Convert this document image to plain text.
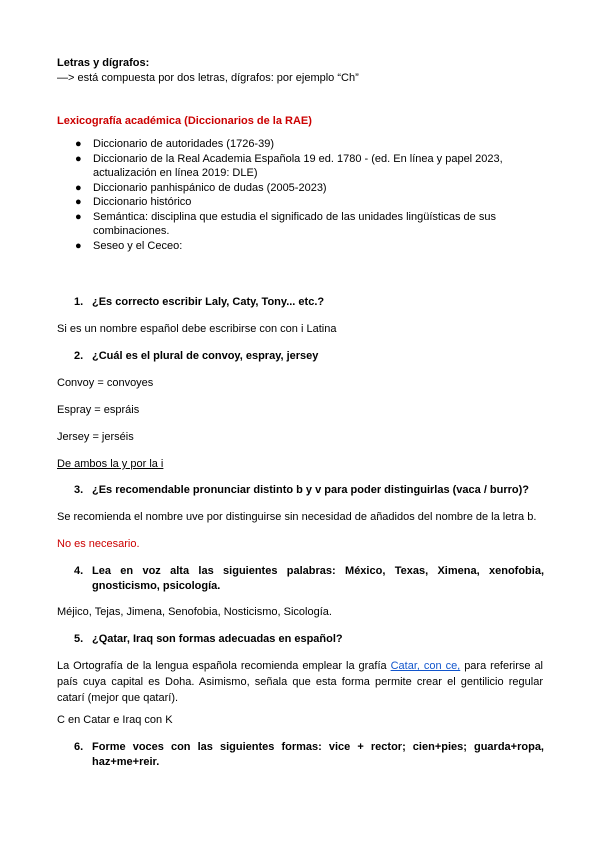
Letras y dígrafos:
—> está compuesta por dos letras, dígrafos: por ejemplo “Ch”
Lexicografía académica (Diccionarios de la RAE)
● Diccionario de autoridades (1726-39)
● Diccionario de la Real Academia Española 19 ed. 1780 - (ed. En línea y papel 2023, actualización en línea 2019: DLE)
● Diccionario panhispánico de dudas (2005-2023)
● Diccionario histórico
● Semántica: disciplina que estudia el significado de las unidades lingüísticas de sus combinaciones.
● Seseo y el Ceceo:
1. ¿Es correcto escribir Laly, Caty, Tony... etc.?
Si es un nombre español debe escribirse con con i Latina
2. ¿Cuál es el plural de convoy, espray, jersey
Convoy = convoyes
Espray = espráis
Jersey = jerséis
De ambos la y por la i
3. ¿Es recomendable pronunciar distinto b y v para poder distinguirlas (vaca / burro)?
Se recomienda el nombre uve por distinguirse sin necesidad de añadidos del nombre de la letra b.
No es necesario.
4. Lea en voz alta las siguientes palabras: México, Texas, Ximena, xenofobia, gnosticismo, psicología.
Méjico, Tejas, Jimena, Senofobia, Nosticismo, Sicología.
5. ¿Qatar, Iraq son formas adecuadas en español?
La Ortografía de la lengua española recomienda emplear la grafía Catar, con ce, para referirse al país cuya capital es Doha. Asimismo, señala que esta forma permite crear el gentilicio regular catarí (mejor que qatarí).
C en Catar e Iraq con K
6. Forme voces con las siguientes formas: vice + rector; cien+pies; guarda+ropa, haz+me+reir.
